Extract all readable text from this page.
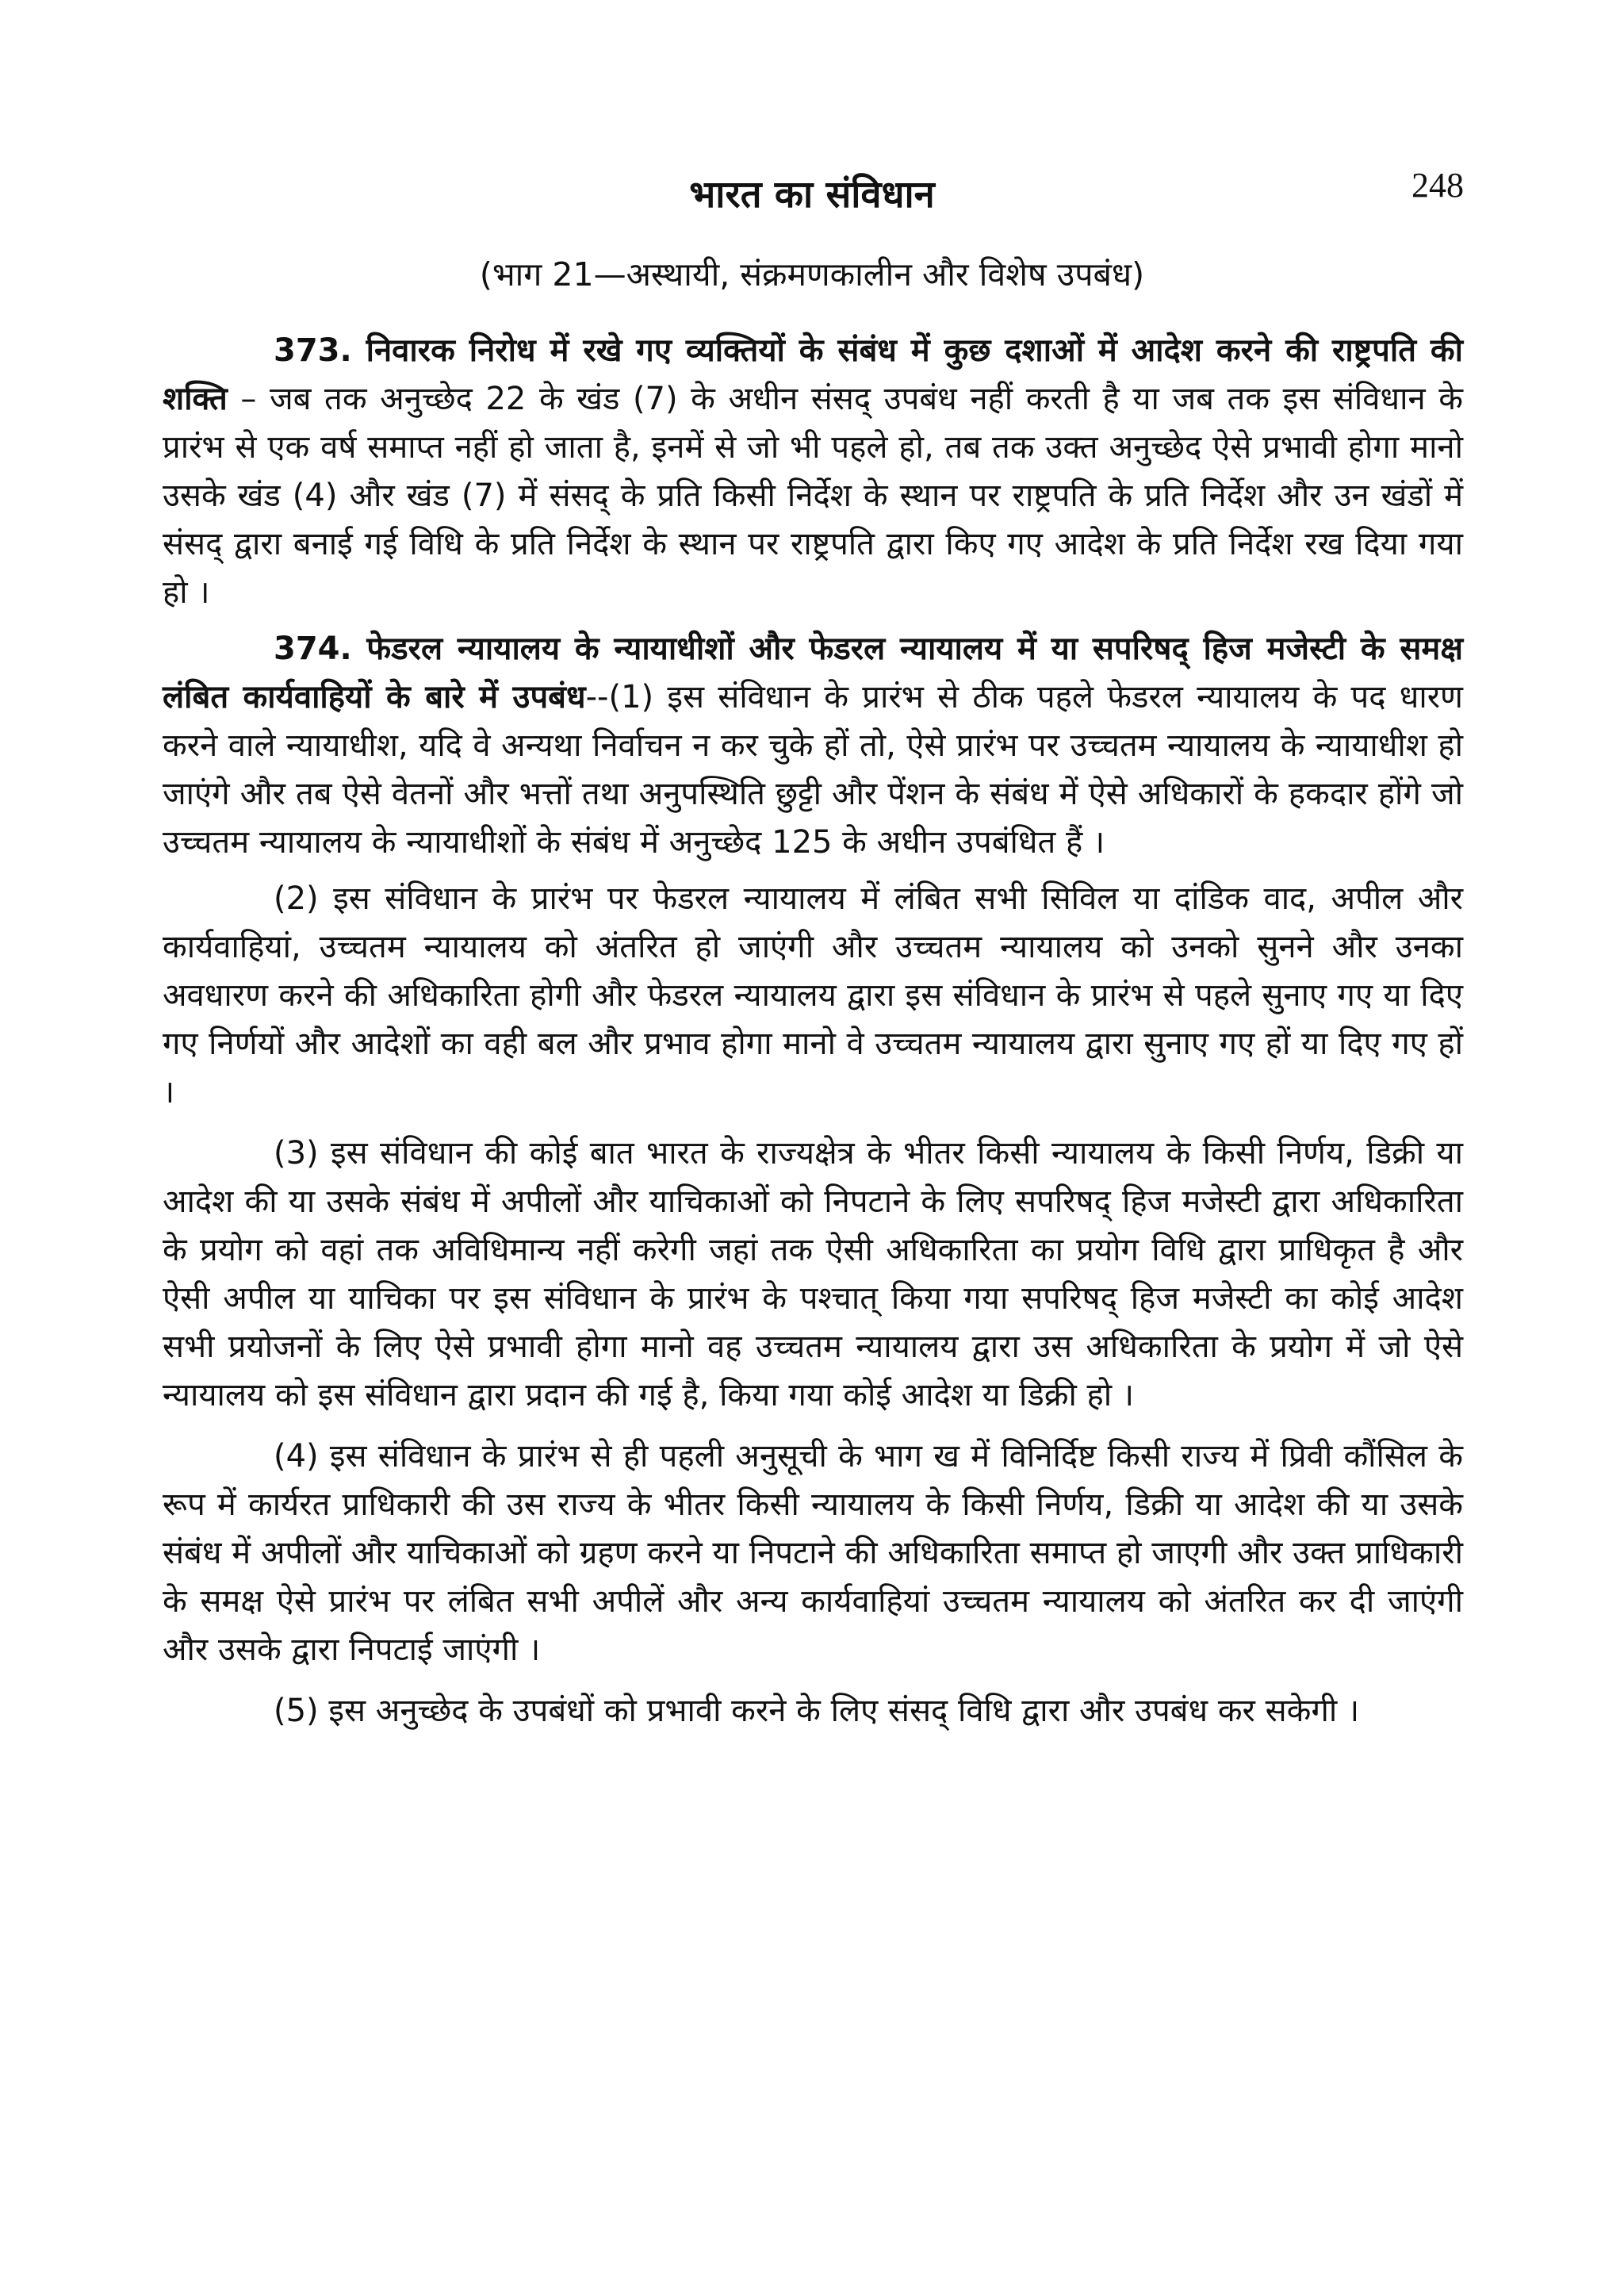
248
भारत का संविधान
(भाग 21—अस्थायी, संक्रमणकालीन और विशेष उपबंध)

373. निवारक निरोध में रखे गए व्यक्तियों के संबंध में कुछ दशाओं में आदेश करने की राष्ट्रपति की शक्ति – जब तक अनुच्छेद 22 के खंड (7) के अधीन संसद् उपबंध नहीं करती है या जब तक इस संविधान के प्रारंभ से एक वर्ष समाप्त नहीं हो जाता है, इनमें से जो भी पहले हो, तब तक उक्त अनुच्छेद ऐसे प्रभावी होगा मानो उसके खंड (4) और खंड (7) में संसद् के प्रति किसी निर्देश के स्थान पर राष्ट्रपति के प्रति निर्देश और उन खंडों में संसद् द्वारा बनाई गई विधि के प्रति निर्देश के स्थान पर राष्ट्रपति द्वारा किए गए आदेश के प्रति निर्देश रख दिया गया हो ।

374. फेडरल न्यायालय के न्यायाधीशों और फेडरल न्यायालय में या सपरिषद् हिज मजेस्टी के समक्ष लंबित कार्यवाहियों के बारे में उपबंध--(1) इस संविधान के प्रारंभ से ठीक पहले फेडरल न्यायालय के पद धारण करने वाले न्यायाधीश, यदि वे अन्यथा निर्वाचन न कर चुके हों तो, ऐसे प्रारंभ पर उच्चतम न्यायालय के न्यायाधीश हो जाएंगे और तब ऐसे वेतनों और भत्तों तथा अनुपस्थिति छुट्टी और पेंशन के संबंध में ऐसे अधिकारों के हकदार होंगे जो उच्चतम न्यायालय के न्यायाधीशों के संबंध में अनुच्छेद 125 के अधीन उपबंधित हैं ।

(2) इस संविधान के प्रारंभ पर फेडरल न्यायालय में लंबित सभी सिविल या दांडिक वाद, अपील और कार्यवाहियां, उच्चतम न्यायालय को अंतरित हो जाएंगी और उच्चतम न्यायालय को उनको सुनने और उनका अवधारण करने की अधिकारिता होगी और फेडरल न्यायालय द्वारा इस संविधान के प्रारंभ से पहले सुनाए गए या दिए गए निर्णयों और आदेशों का वही बल और प्रभाव होगा मानो वे उच्चतम न्यायालय द्वारा सुनाए गए हों या दिए गए हों ।

(3) इस संविधान की कोई बात भारत के राज्यक्षेत्र के भीतर किसी न्यायालय के किसी निर्णय, डिक्री या आदेश की या उसके संबंध में अपीलों और याचिकाओं को निपटाने के लिए सपरिषद् हिज मजेस्टी द्वारा अधिकारिता के प्रयोग को वहां तक अविधिमान्य नहीं करेगी जहां तक ऐसी अधिकारिता का प्रयोग विधि द्वारा प्राधिकृत है और ऐसी अपील या याचिका पर इस संविधान के प्रारंभ के पश्चात् किया गया सपरिषद् हिज मजेस्टी का कोई आदेश सभी प्रयोजनों के लिए ऐसे प्रभावी होगा मानो वह उच्चतम न्यायालय द्वारा उस अधिकारिता के प्रयोग में जो ऐसे न्यायालय को इस संविधान द्वारा प्रदान की गई है, किया गया कोई आदेश या डिक्री हो ।

(4) इस संविधान के प्रारंभ से ही पहली अनुसूची के भाग ख में विनिर्दिष्ट किसी राज्य में प्रिवी कौंसिल के रूप में कार्यरत प्राधिकारी की उस राज्य के भीतर किसी न्यायालय के किसी निर्णय, डिक्री या आदेश की या उसके संबंध में अपीलों और याचिकाओं को ग्रहण करने या निपटाने की अधिकारिता समाप्त हो जाएगी और उक्त प्राधिकारी के समक्ष ऐसे प्रारंभ पर लंबित सभी अपीलें और अन्य कार्यवाहियां उच्चतम न्यायालय को अंतरित कर दी जाएंगी और उसके द्वारा निपटाई जाएंगी ।

(5) इस अनुच्छेद के उपबंधों को प्रभावी करने के लिए संसद् विधि द्वारा और उपबंध कर सकेगी ।
